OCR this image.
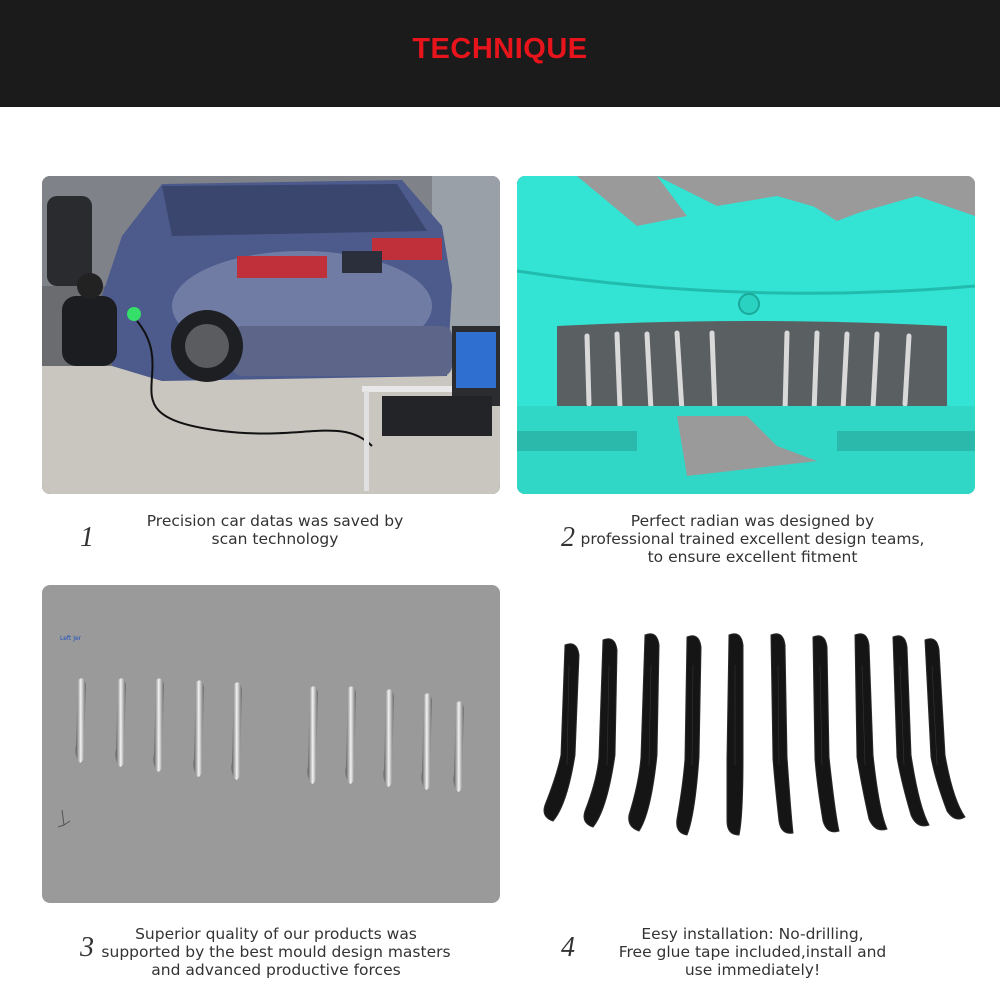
TECHNIQUE
Left Jer
1
Precision car datas was saved by
scan technology	2
Perfect radian was designed by
professional trained excellent design teams,
to ensure excellent fitment
3	Superior quality of our products was
supported by the best mould design masters
and advanced productive forces
4	Eesy installation: No-drilling,
Free glue tape included,install and
use immediately!
